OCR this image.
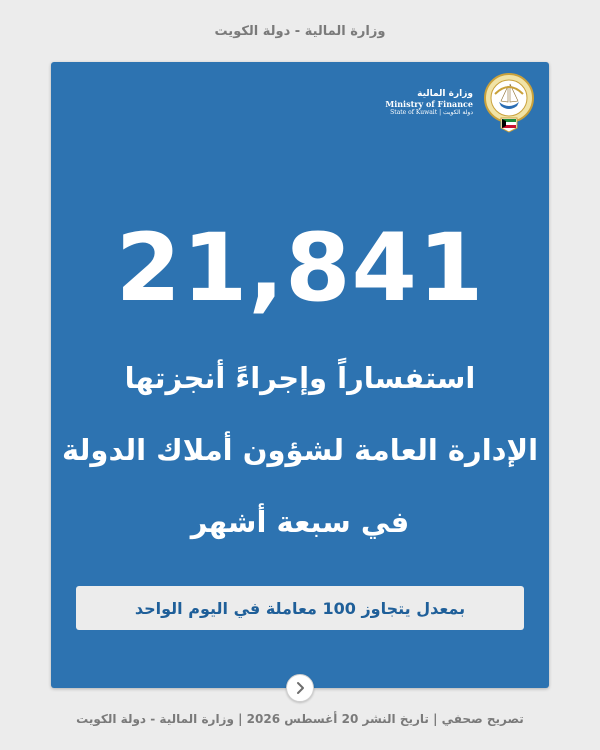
وزارة المالية - دولة الكويت
وزارة المالية
Ministry of Finance
State of Kuwait | دولة الكويت
21,841
استفساراً وإجراءً أنجزتها
الإدارة العامة لشؤون أملاك الدولة
في سبعة أشهر
بمعدل يتجاوز 100 معاملة في اليوم الواحد
تصريح صحفي | تاريخ النشر 20 أغسطس 2026 | وزارة المالية - دولة الكويت
